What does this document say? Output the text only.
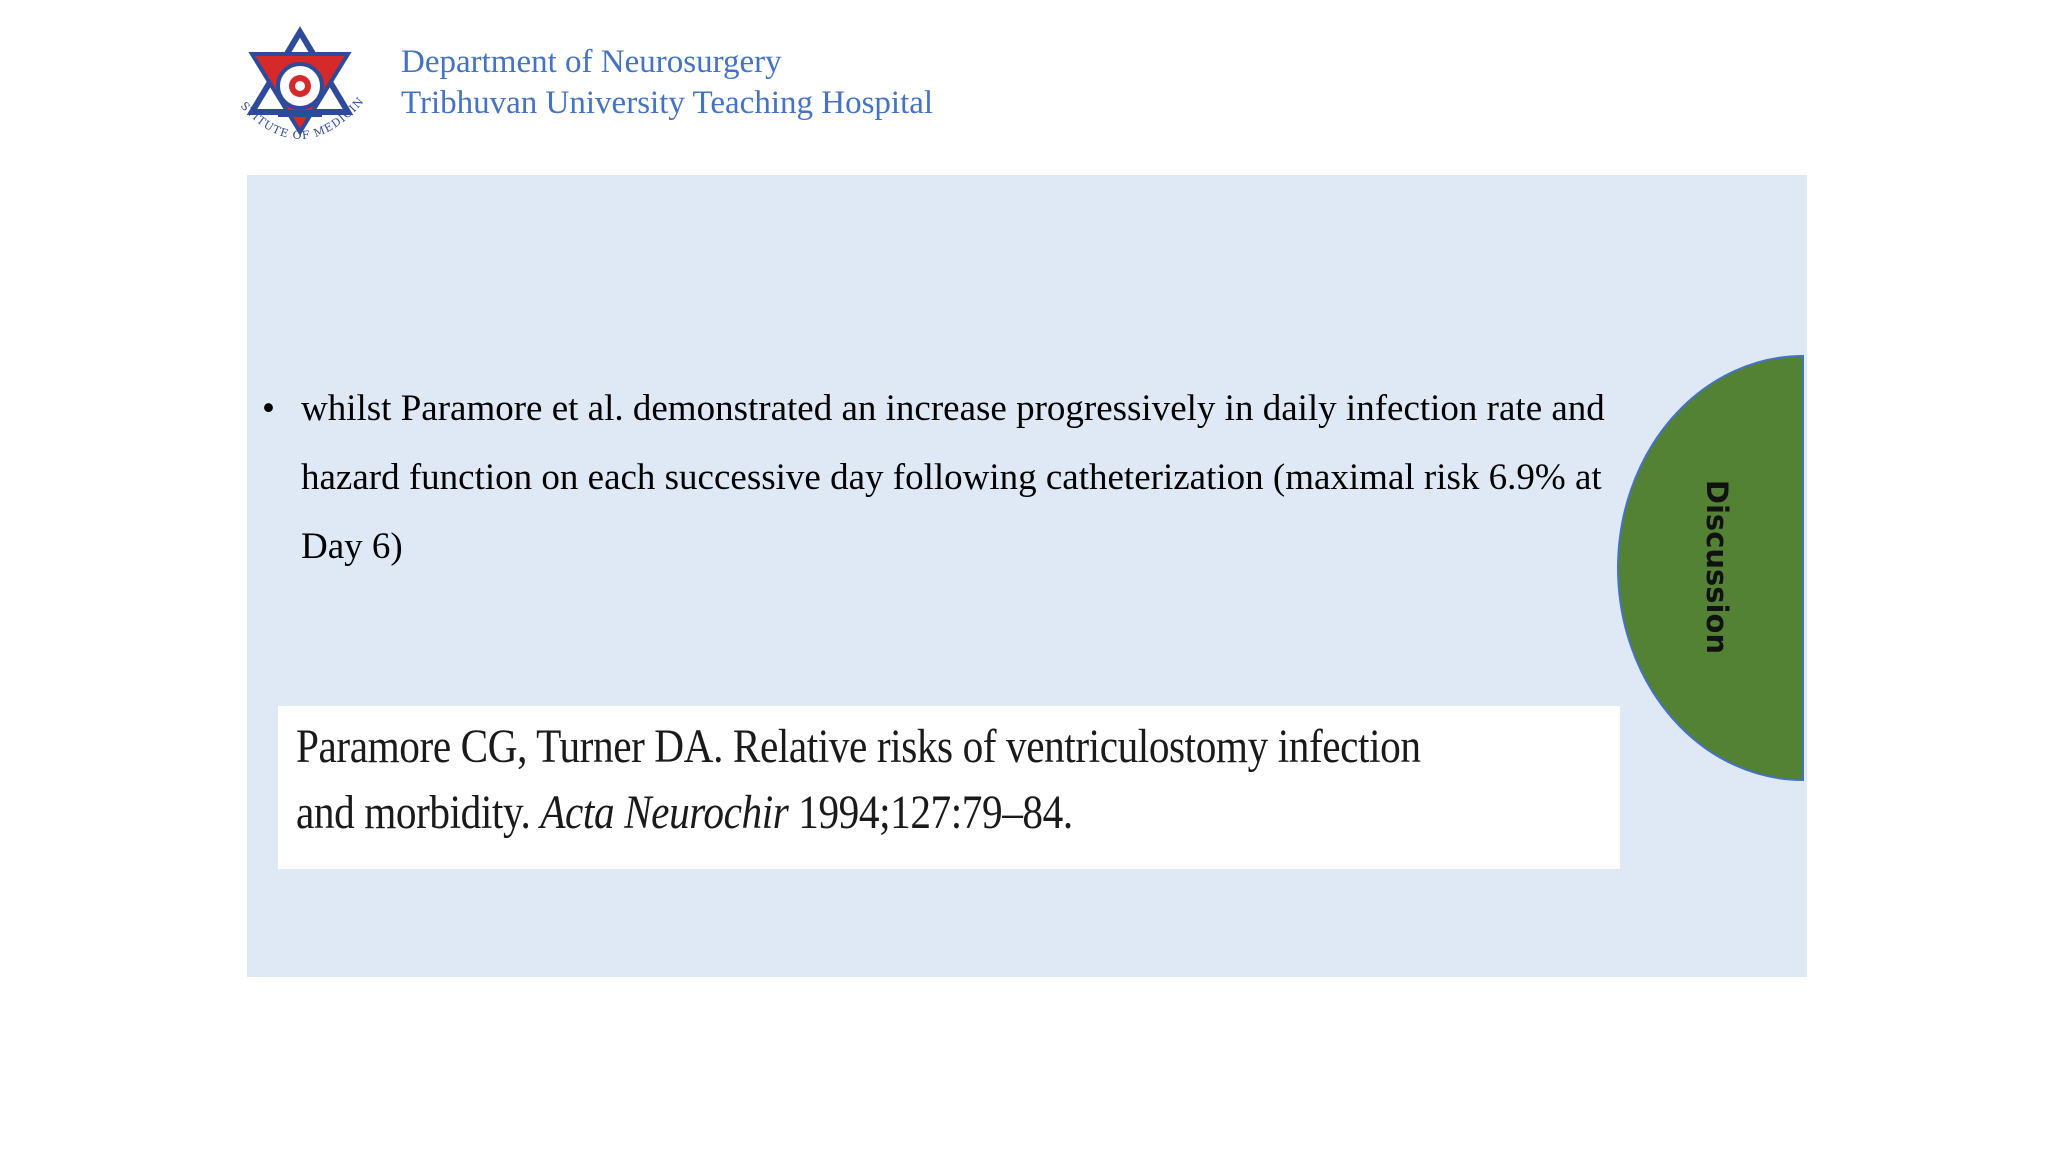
STITUTE OF MEDICIN
Department of Neurosurgery
Tribhuvan University Teaching Hospital
• whilst Paramore et al. demonstrated an increase progressively in daily infection rate and hazard function on each successive day following catheterization (maximal risk 6.9% at Day 6)
Paramore CG, Turner DA. Relative risks of ventriculostomy infection
and morbidity. Acta Neurochir 1994;127:79–84.
Discussion
